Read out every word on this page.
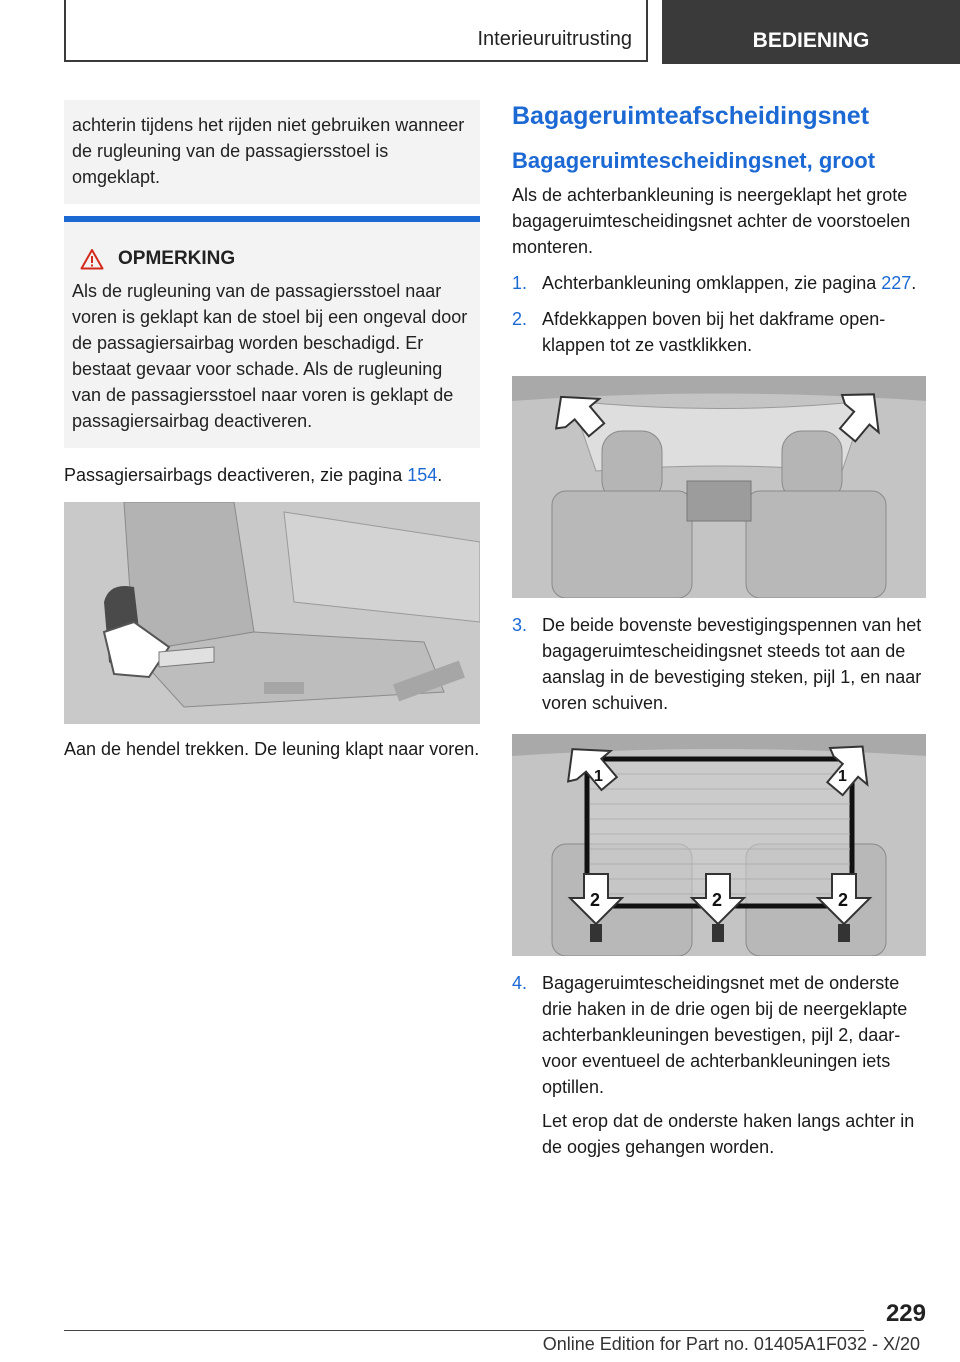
Interieuruitrusting	BEDIENING

achterin tijdens het rijden niet gebruiken wanneer de rugleuning van de passagiersstoel is omgeklapt.

OPMERKING

Als de rugleuning van de passagiersstoel naar voren is geklapt kan de stoel bij een ongeval door de passagiersairbag worden beschadigd. Er bestaat gevaar voor schade. Als de rugleuning van de passagiersstoel naar voren is geklapt de passagiersairbag deactiveren.

Passagiersairbags deactiveren, zie pagina 154.

Aan de hendel trekken. De leuning klapt naar voren.

Bagageruimteafscheidingsnet
Bagageruimtescheidingsnet, groot

Als de achterbankleuning is neergeklapt het grote bagageruimtescheidingsnet achter de voorstoelen monteren.

1. Achterbankleuning omklappen, zie pagina 227.
2. Afdekkappen boven bij het dakframe openklappen tot ze vastklikken.
3. De beide bovenste bevestigingspennen van het bagageruimtescheidingsnet steeds tot aan de aanslag in de bevestiging steken, pijl 1, en naar voren schuiven.
1	1
2	2	2
4. Bagageruimtescheidingsnet met de onderste drie haken in de drie ogen bij de neergeklapte achterbankleuningen bevestigen, pijl 2, daarvoor eventueel de achterbankleuningen iets optillen.

Let erop dat de onderste haken langs achter in de oogjes gehangen worden.

229
Online Edition for Part no. 01405A1F032 - X/20
